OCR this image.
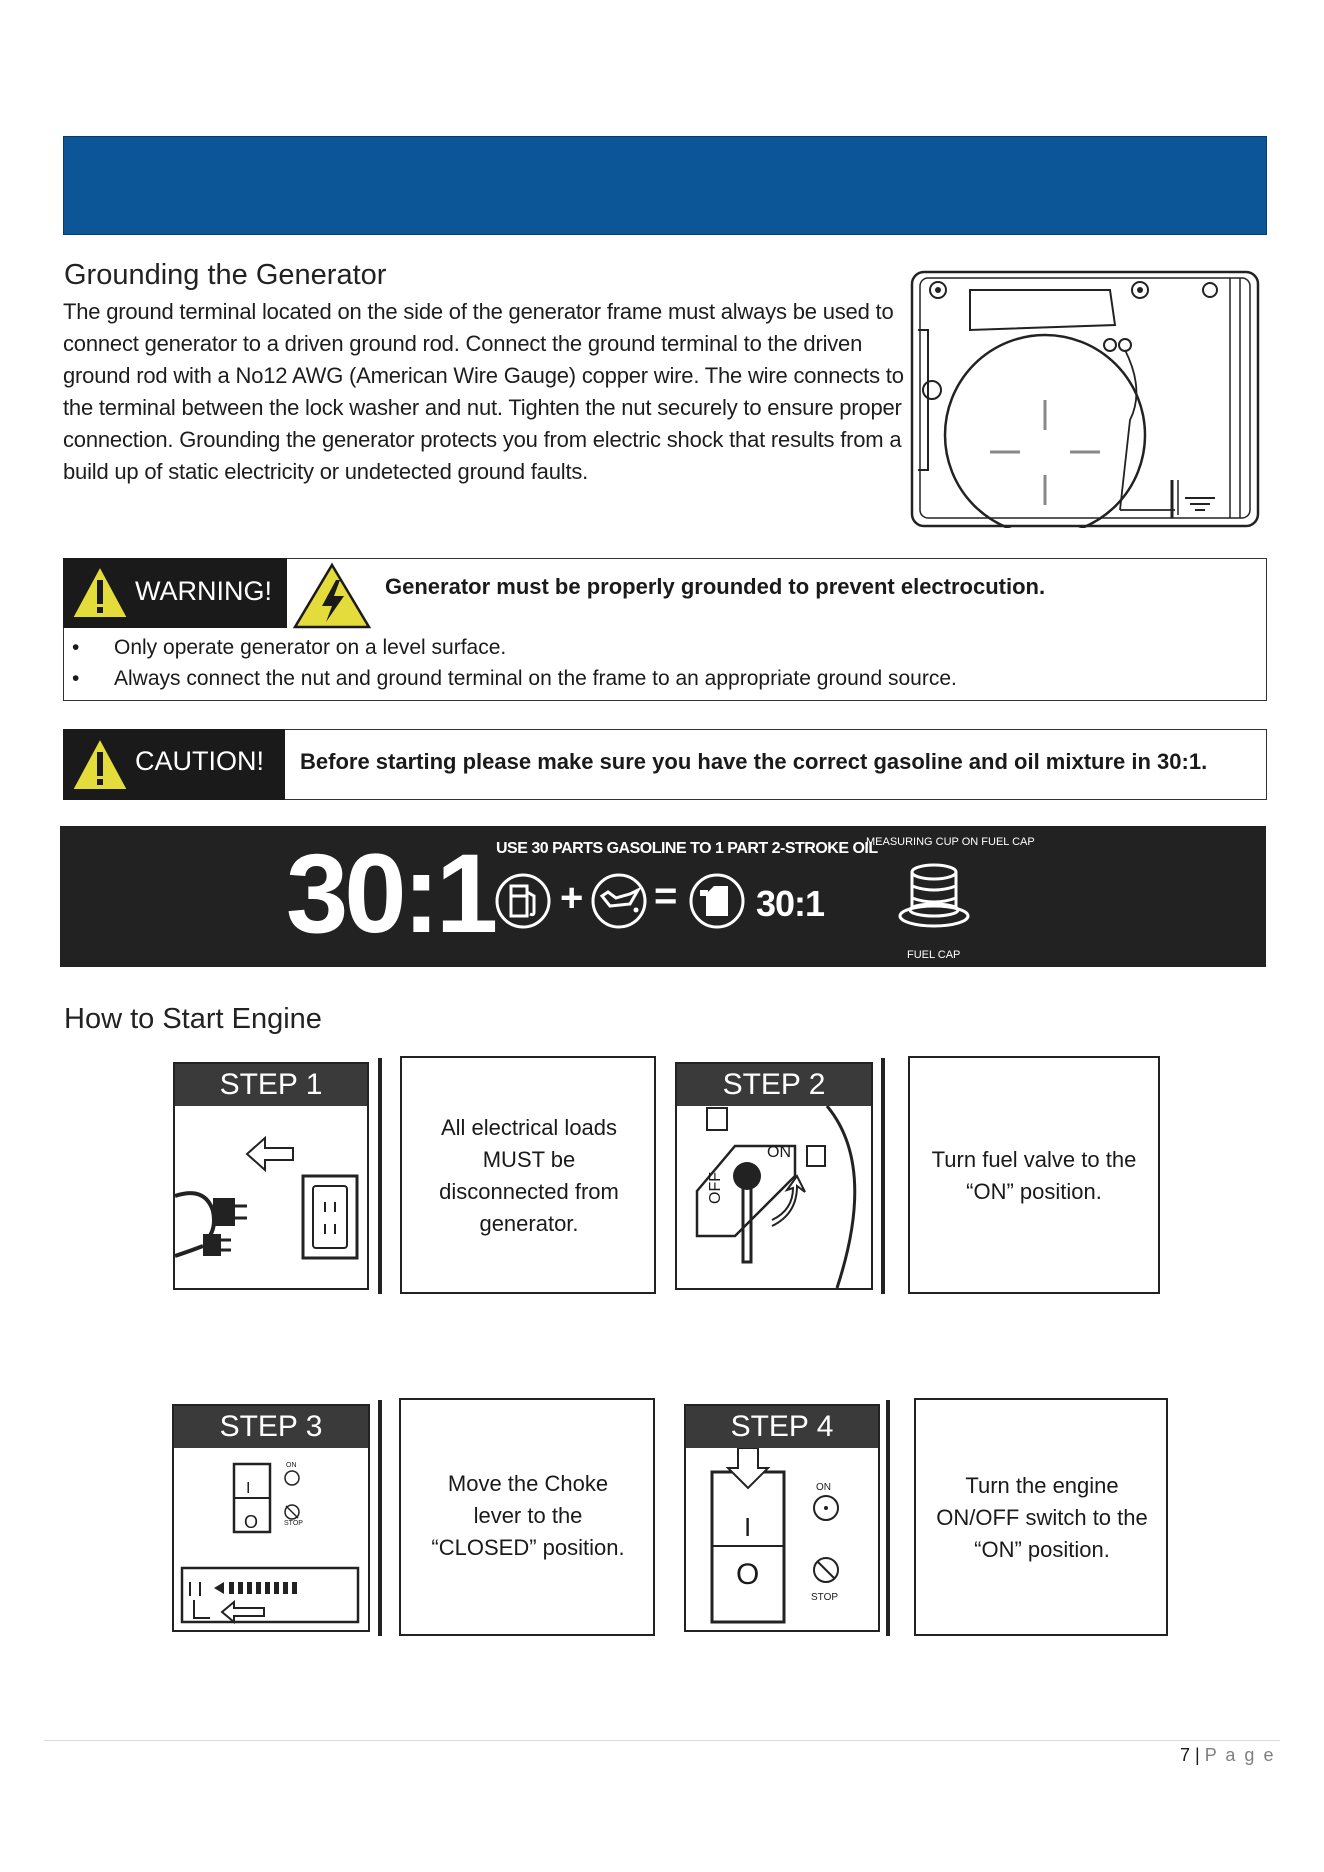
Grounding the Generator
The ground terminal located on the side of the generator frame must always be used to connect generator to a driven ground rod. Connect the ground terminal to the driven ground rod with a No12 AWG (American Wire Gauge) copper wire. The wire connects to the terminal between the lock washer and nut. Tighten the nut securely to ensure proper connection. Grounding the generator protects you from electric shock that results from a build up of static electricity or undetected ground faults.
WARNING!	Generator must be properly grounded to prevent electrocution.
• Only operate generator on a level surface.
• Always connect the nut and ground terminal on the frame to an appropriate ground source.
CAUTION! Before starting please make sure you have the correct gasoline and oil mixture in 30:1.
30:1 USE 30 PARTS GASOLINE TO 1 PART 2-STROKE OIL
+ = 30:1
MEASURING CUP ON FUEL CAP
FUEL CAP
How to Start Engine
STEP 1
All electrical loads MUST be disconnected from generator.
STEP 2
ON
OFF
Turn fuel valve to the “ON” position.
STEP 3
I
O
ON
STOP
Move the Choke lever to the “CLOSED” position.
STEP 4
I
O
ON
STOP
Turn the engine ON/OFF switch to the “ON” position.
7 | P a g e
